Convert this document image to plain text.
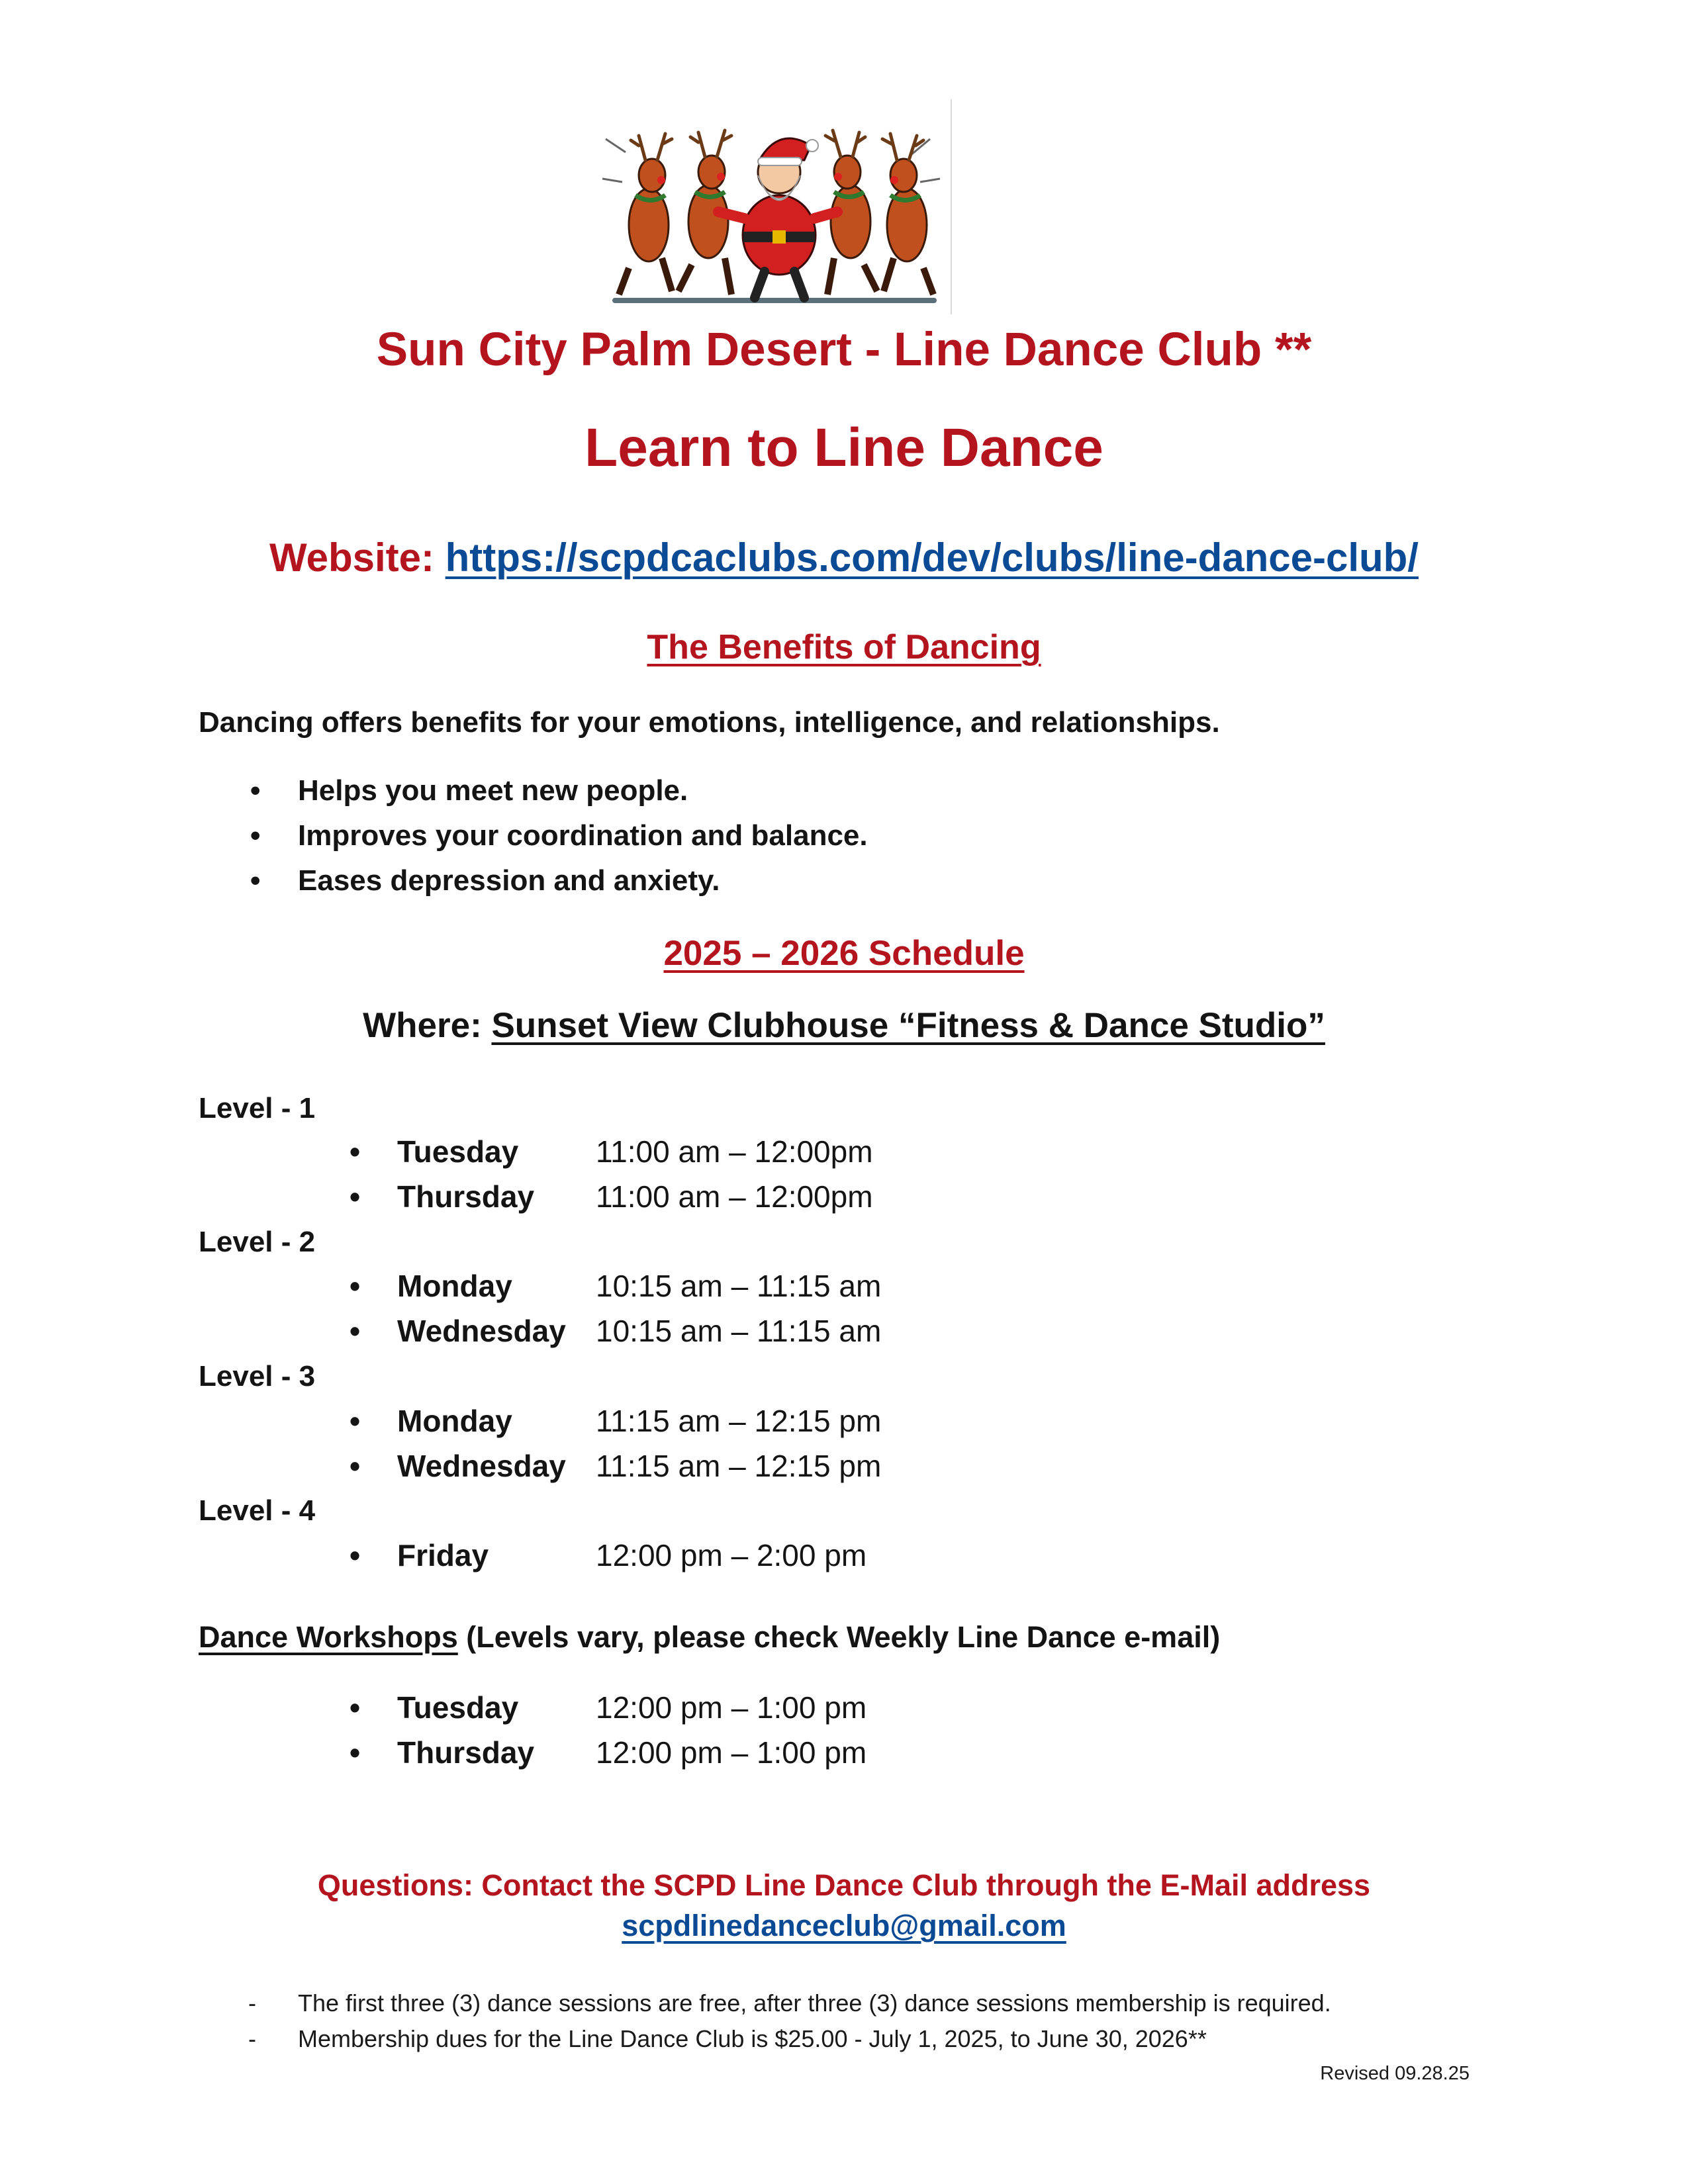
Sun City Palm Desert - Line Dance Club **
Learn to Line Dance
Website: https://scpdcaclubs.com/dev/clubs/line-dance-club/
The Benefits of Dancing
Dancing offers benefits for your emotions, intelligence, and relationships.
• Helps you meet new people.
• Improves your coordination and balance.
• Eases depression and anxiety.
2025 – 2026 Schedule
Where: Sunset View Clubhouse “Fitness & Dance Studio”
Level - 1
• Tuesday	11:00 am – 12:00pm
• Thursday 11:00 am – 12:00pm
Level - 2
• Monday	10:15 am – 11:15 am
• Wednesday 10:15 am – 11:15 am
Level - 3
• Monday	11:15 am – 12:15 pm
• Wednesday 11:15 am – 12:15 pm
Level - 4
• Friday	12:00 pm – 2:00 pm
Dance Workshops (Levels vary, please check Weekly Line Dance e-mail)
• Tuesday	12:00 pm – 1:00 pm
• Thursday 12:00 pm – 1:00 pm
Questions: Contact the SCPD Line Dance Club through the E-Mail address
scpdlinedanceclub@gmail.com
- The first three (3) dance sessions are free, after three (3) dance sessions membership is required.
- Membership dues for the Line Dance Club is $25.00 - July 1, 2025, to June 30, 2026**
Revised 09.28.25
